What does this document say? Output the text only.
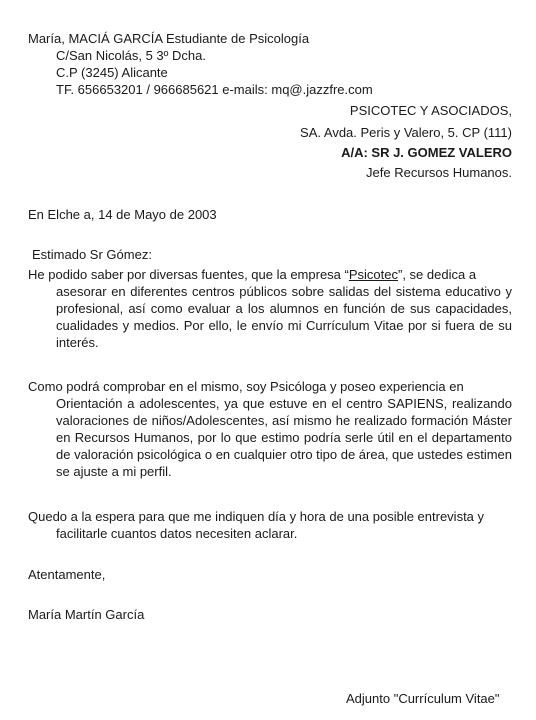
María, MACIÁ GARCÍA Estudiante de Psicología
C/San Nicolás, 5 3º Dcha.
C.P (3245) Alicante
TF. 656653201 / 966685621 e-mails: mq@.jazzfre.com
PSICOTEC Y ASOCIADOS,
SA. Avda. Peris y Valero, 5. CP (111)
A/A: SR J. GOMEZ VALERO
Jefe Recursos Humanos.
En Elche a, 14 de Mayo de 2003
Estimado Sr Gómez:
He podido saber por diversas fuentes, que la empresa “Psicotec”, se dedica a
asesorar en diferentes centros públicos sobre salidas del sistema educativo y profesional, así como evaluar a los alumnos en función de sus capacidades, cualidades y medios. Por ello, le envío mi Currículum Vitae por si fuera de su interés.
Como podrá comprobar en el mismo, soy Psicóloga y poseo experiencia en
Orientación a adolescentes, ya que estuve en el centro SAPIENS, realizando valoraciones de niños/Adolescentes, así mismo he realizado formación Máster en Recursos Humanos, por lo que estimo podría serle útil en el departamento de valoración psicológica o en cualquier otro tipo de área, que ustedes estimen se ajuste a mi perfil.
Quedo a la espera para que me indiquen día y hora de una posible entrevista y
facilitarle cuantos datos necesiten aclarar.
Atentamente,
María Martín García
Adjunto "Currículum Vitae"
